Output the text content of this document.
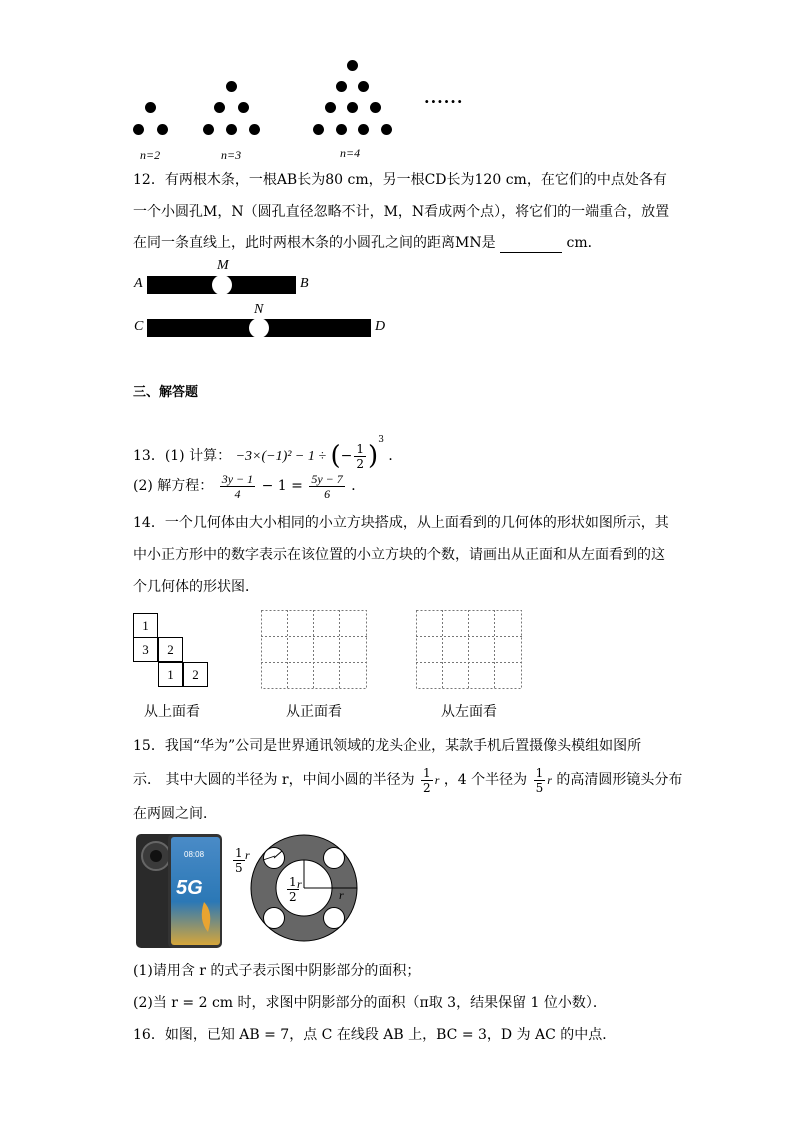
······
n=2	n=3	n=4
12．有两根木条，一根AB长为80 cm，另一根CD长为120 cm，在它们的中点处各有
一个小圆孔M，N（圆孔直径忽略不计，M，N看成两个点），将它们的一端重合，放置
在同一条直线上，此时两根木条的小圆孔之间的距离MN是	cm．
M
A	B
N
C	D
三、解答题
13．(1) 计算： −3×(−1)² − 1 ÷ (− $\frac{1}{2} )^3$ ．
(2) 解方程： $\frac{3y - 1}{4} - 1 = \frac{5y - 7}{6}$ ．
14．一个几何体由大小相同的小立方块搭成，从上面看到的几何体的形状如图所示，其
中小正方形中的数字表示在该位置的小立方块的个数，请画出从正面和从左面看到的这
个几何体的形状图．
1
3	2
1	2
从上面看	从正面看	从左面看
15．我国“华为”公司是世界通讯领域的龙头企业，某款手机后置摄像头模组如图所
示． 其中大圆的半径为 r，中间小圆的半径为 $\frac{1}{2}$ r ，4 个半径为 $\frac{1}{5}$ r 的高清圆形镜头分布
在两圆之间．
08:08
5G
$\frac{1}{5}$ r
$\frac{1}{2}$
r
r
(1)请用含 r 的式子表示图中阴影部分的面积；
(2)当 r = 2 cm 时，求图中阴影部分的面积（π取 3，结果保留 1 位小数）．
16．如图，已知 AB = 7，点 C 在线段 AB 上，BC = 3，D 为 AC 的中点．
